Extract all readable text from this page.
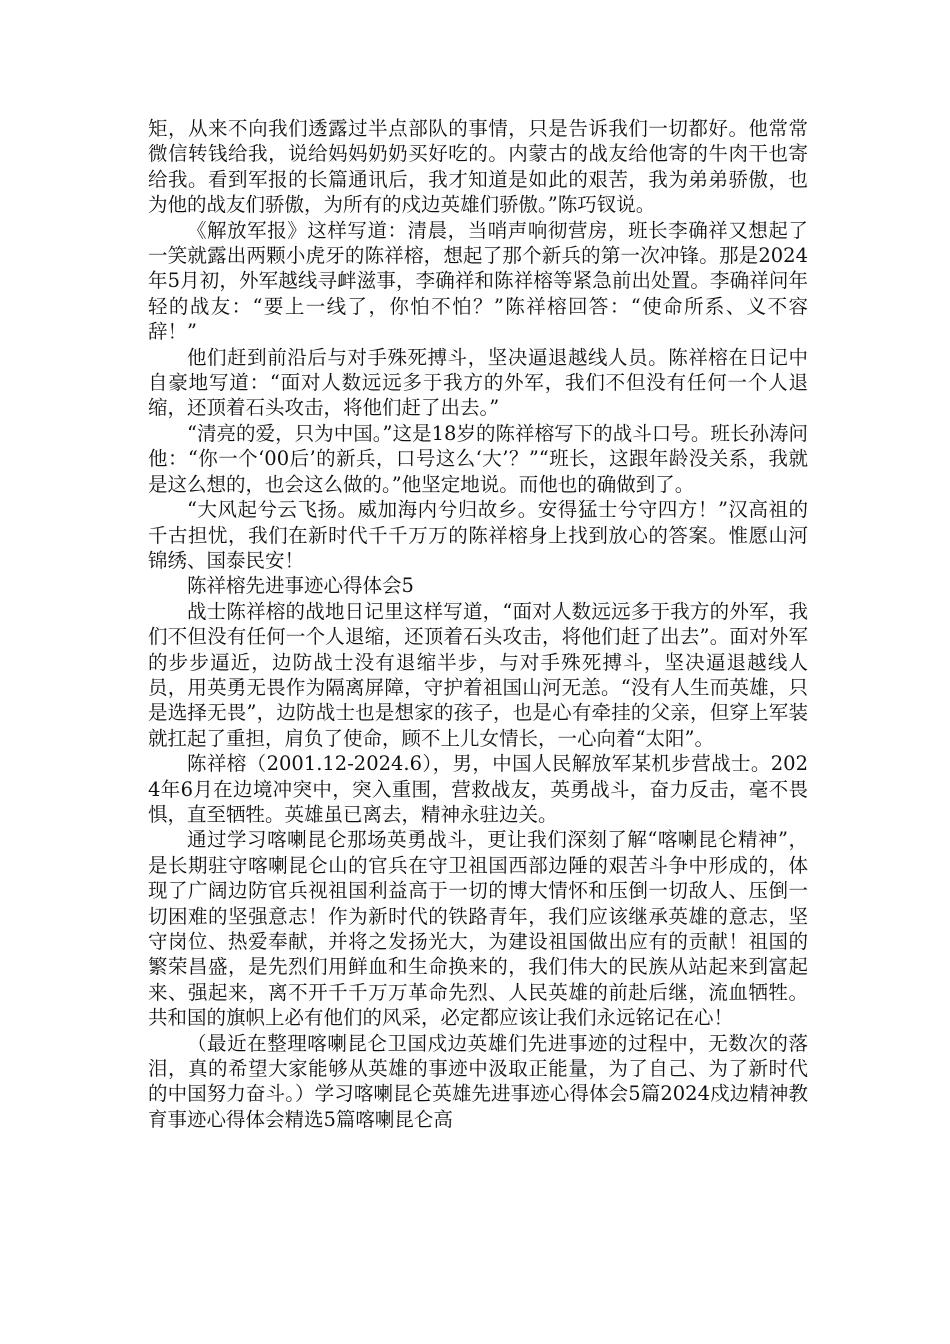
矩，从来不向我们透露过半点部队的事情，只是告诉我们一切都好。他常常微信转钱给我，说给妈妈奶奶买好吃的。内蒙古的战友给他寄的牛肉干也寄给我。看到军报的长篇通讯后，我才知道是如此的艰苦，我为弟弟骄傲，也为他的战友们骄傲，为所有的戍边英雄们骄傲。”陈巧钗说。

《解放军报》这样写道：清晨，当哨声响彻营房，班长李确祥又想起了一笑就露出两颗小虎牙的陈祥榕，想起了那个新兵的第一次冲锋。那是2024年5月初，外军越线寻衅滋事，李确祥和陈祥榕等紧急前出处置。李确祥问年轻的战友：“要上一线了，你怕不怕？”陈祥榕回答：“使命所系、义不容辞！”

他们赶到前沿后与对手殊死搏斗，坚决逼退越线人员。陈祥榕在日记中自豪地写道：“面对人数远远多于我方的外军，我们不但没有任何一个人退缩，还顶着石头攻击，将他们赶了出去。”

“清亮的爱，只为中国。”这是18岁的陈祥榕写下的战斗口号。班长孙涛问他：“你一个‘00后’的新兵，口号这么‘大’？”“班长，这跟年龄没关系，我就是这么想的，也会这么做的。”他坚定地说。而他也的确做到了。

“大风起兮云飞扬。威加海内兮归故乡。安得猛士兮守四方！”汉高祖的千古担忧，我们在新时代千千万万的陈祥榕身上找到放心的答案。惟愿山河锦绣、国泰民安！

陈祥榕先进事迹心得体会5

战士陈祥榕的战地日记里这样写道，“面对人数远远多于我方的外军，我们不但没有任何一个人退缩，还顶着石头攻击，将他们赶了出去”。面对外军的步步逼近，边防战士没有退缩半步，与对手殊死搏斗，坚决逼退越线人员，用英勇无畏作为隔离屏障，守护着祖国山河无恙。“没有人生而英雄，只是选择无畏”，边防战士也是想家的孩子，也是心有牵挂的父亲，但穿上军装就扛起了重担，肩负了使命，顾不上儿女情长，一心向着“太阳”。

陈祥榕（2001.12-2024.6），男，中国人民解放军某机步营战士。2024年6月在边境冲突中，突入重围，营救战友，英勇战斗，奋力反击，毫不畏惧，直至牺牲。英雄虽已离去，精神永驻边关。

通过学习喀喇昆仑那场英勇战斗，更让我们深刻了解“喀喇昆仑精神”，是长期驻守喀喇昆仑山的官兵在守卫祖国西部边陲的艰苦斗争中形成的，体现了广阔边防官兵视祖国利益高于一切的博大情怀和压倒一切敌人、压倒一切困难的坚强意志！作为新时代的铁路青年，我们应该继承英雄的意志，坚守岗位、热爱奉献，并将之发扬光大，为建设祖国做出应有的贡献！祖国的繁荣昌盛，是先烈们用鲜血和生命换来的，我们伟大的民族从站起来到富起来、强起来，离不开千千万万革命先烈、人民英雄的前赴后继，流血牺牲。共和国的旗帜上必有他们的风采，必定都应该让我们永远铭记在心！

（最近在整理喀喇昆仑卫国戍边英雄们先进事迹的过程中，无数次的落泪，真的希望大家能够从英雄的事迹中汲取正能量，为了自己、为了新时代的中国努力奋斗。）学习喀喇昆仑英雄先进事迹心得体会5篇2024戍边精神教育事迹心得体会精选5篇喀喇昆仑高
